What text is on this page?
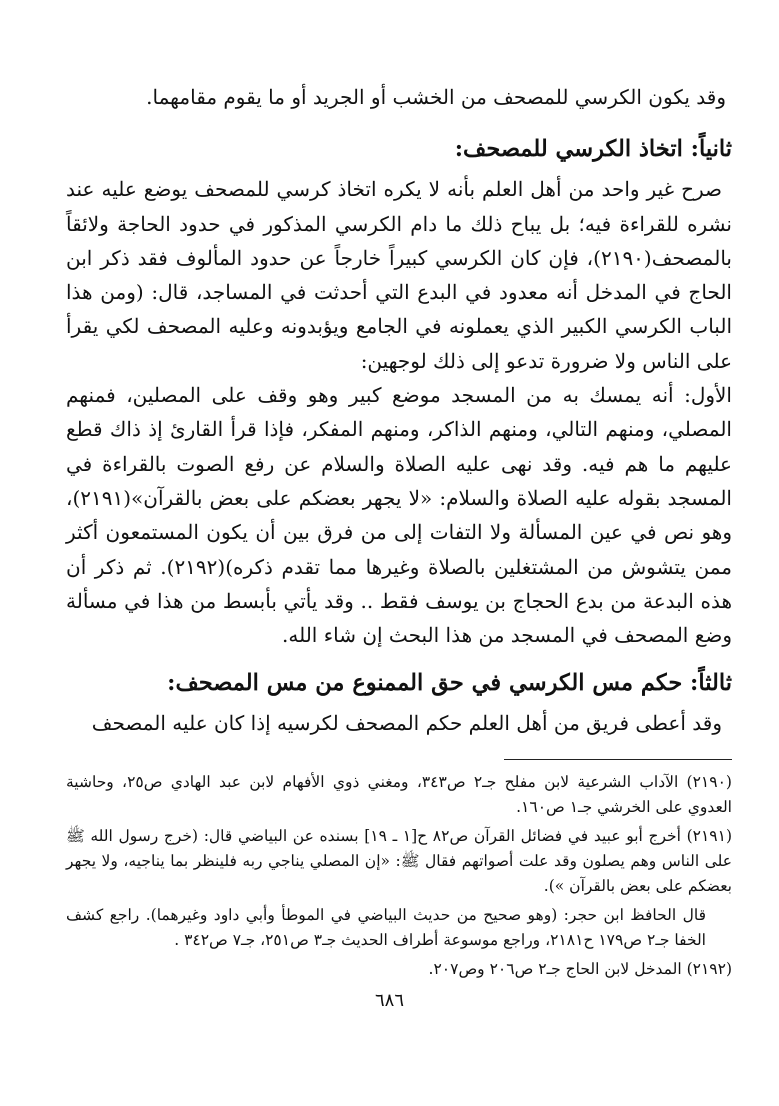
وقد يكون الكرسي للمصحف من الخشب أو الجريد أو ما يقوم مقامهما.

ثانياً: اتخاذ الكرسي للمصحف:

صرح غير واحد من أهل العلم بأنه لا يكره اتخاذ كرسي للمصحف يوضع عليه عند نشره للقراءة فيه؛ بل يباح ذلك ما دام الكرسي المذكور في حدود الحاجة ولائقاً بالمصحف(٢١٩٠)، فإن كان الكرسي كبيراً خارجاً عن حدود المألوف فقد ذكر ابن الحاج في المدخل أنه معدود في البدع التي أحدثت في المساجد، قال: (ومن هذا الباب الكرسي الكبير الذي يعملونه في الجامع ويؤبدونه وعليه المصحف لكي يقرأ على الناس ولا ضرورة تدعو إلى ذلك لوجهين:

الأول: أنه يمسك به من المسجد موضع كبير وهو وقف على المصلين، فمنهم المصلي، ومنهم التالي، ومنهم الذاكر، ومنهم المفكر، فإذا قرأ القارئ إذ ذاك قطع عليهم ما هم فيه. وقد نهى عليه الصلاة والسلام عن رفع الصوت بالقراءة في المسجد بقوله عليه الصلاة والسلام: «لا يجهر بعضكم على بعض بالقرآن»(٢١٩١)، وهو نص في عين المسألة ولا التفات إلى من فرق بين أن يكون المستمعون أكثر ممن يتشوش من المشتغلين بالصلاة وغيرها مما تقدم ذكره)(٢١٩٢). ثم ذكر أن هذه البدعة من بدع الحجاج بن يوسف فقط .. وقد يأتي بأبسط من هذا في مسألة وضع المصحف في المسجد من هذا البحث إن شاء الله.

ثالثاً: حكم مس الكرسي في حق الممنوع من مس المصحف:

وقد أعطى فريق من أهل العلم حكم المصحف لكرسيه إذا كان عليه المصحف

(٢١٩٠) الآداب الشرعية لابن مفلح جـ٢ ص٣٤٣، ومغني ذوي الأفهام لابن عبد الهادي ص٢٥، وحاشية العدوي على الخرشي جـ١ ص١٦٠.

(٢١٩١) أخرج أبو عبيد في فضائل القرآن ص٨٢ ح[١ ـ ١٩] بسنده عن البياضي قال: (خرج رسول الله ﷺ على الناس وهم يصلون وقد علت أصواتهم فقال ﷺ: «إن المصلي يناجي ربه فلينظر بما يناجيه، ولا يجهر بعضكم على بعض بالقرآن »).

قال الحافظ ابن حجر: (وهو صحيح من حديث البياضي في الموطأ وأبي داود وغيرهما). راجع كشف الخفا جـ٢ ص١٧٩ ح٢١٨١، وراجع موسوعة أطراف الحديث جـ٣ ص٢٥١، جـ٧ ص٣٤٢ .

(٢١٩٢) المدخل لابن الحاج جـ٢ ص٢٠٦ وص٢٠٧.

٦٨٦
